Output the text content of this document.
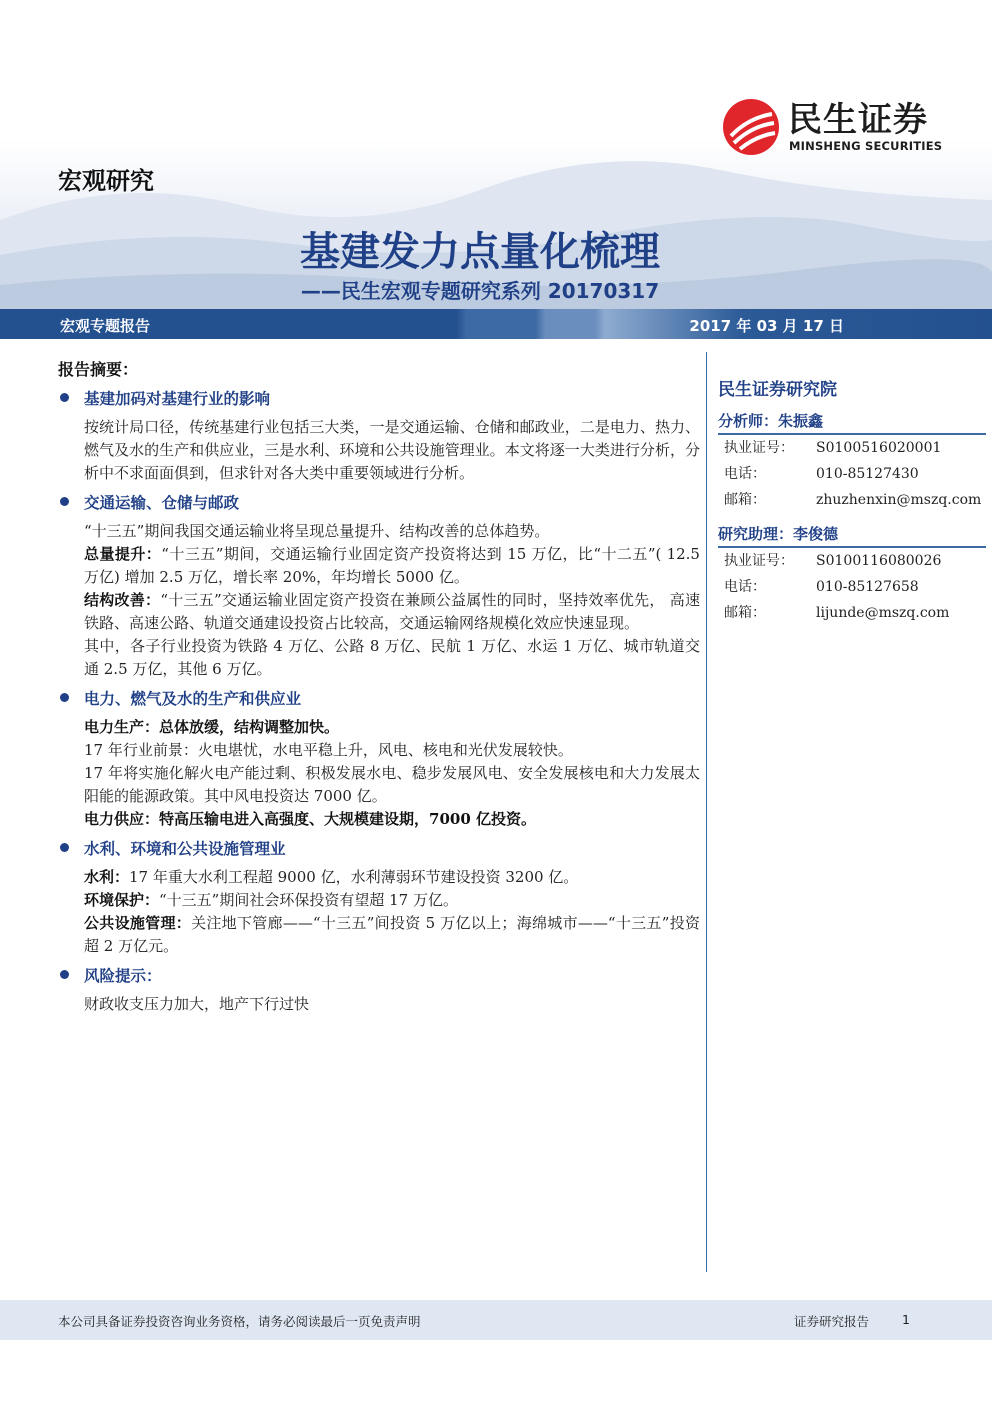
民生证券
MINSHENG SECURITIES
宏观研究
基建发力点量化梳理
——民生宏观专题研究系列 20170317
宏观专题报告	2017 年 03 月 17 日
报告摘要：
基建加码对基建行业的影响
按统计局口径，传统基建行业包括三大类，一是交通运输、仓储和邮政业，二是电力、热力、燃气及水的生产和供应业，三是水利、环境和公共设施管理业。本文将逐一大类进行分析，分析中不求面面俱到，但求针对各大类中重要领域进行分析。
交通运输、仓储与邮政
“十三五”期间我国交通运输业将呈现总量提升、结构改善的总体趋势。
总量提升：“十三五”期间，交通运输行业固定资产投资将达到 15 万亿，比“十二五”( 12.5 万亿) 增加 2.5 万亿，增长率 20%，年均增长 5000 亿。
结构改善：“十三五”交通运输业固定资产投资在兼顾公益属性的同时，坚持效率优先， 高速铁路、高速公路、轨道交通建设投资占比较高，交通运输网络规模化效应快速显现。
其中，各子行业投资为铁路 4 万亿、公路 8 万亿、民航 1 万亿、水运 1 万亿、城市轨道交通 2.5 万亿，其他 6 万亿。
电力、燃气及水的生产和供应业
电力生产：总体放缓，结构调整加快。
17 年行业前景：火电堪忧，水电平稳上升，风电、核电和光伏发展较快。
17 年将实施化解火电产能过剩、积极发展水电、稳步发展风电、安全发展核电和大力发展太阳能的能源政策。其中风电投资达 7000 亿。
电力供应：特高压输电进入高强度、大规模建设期，7000 亿投资。
水利、环境和公共设施管理业
水利：17 年重大水利工程超 9000 亿，水利薄弱环节建设投资 3200 亿。
环境保护：“十三五”期间社会环保投资有望超 17 万亿。
公共设施管理：关注地下管廊——“十三五”间投资 5 万亿以上；海绵城市——“十三五”投资超 2 万亿元。
风险提示：
财政收支压力加大，地产下行过快
民生证券研究院
分析师：朱振鑫
执业证号：	S0100516020001
电话：	010-85127430
邮箱：	zhuzhenxin@mszq.com
研究助理：李俊德
执业证号：	S0100116080026
电话：	010-85127658
邮箱：	lijunde@mszq.com
本公司具备证券投资咨询业务资格，请务必阅读最后一页免责声明	证券研究报告	1
